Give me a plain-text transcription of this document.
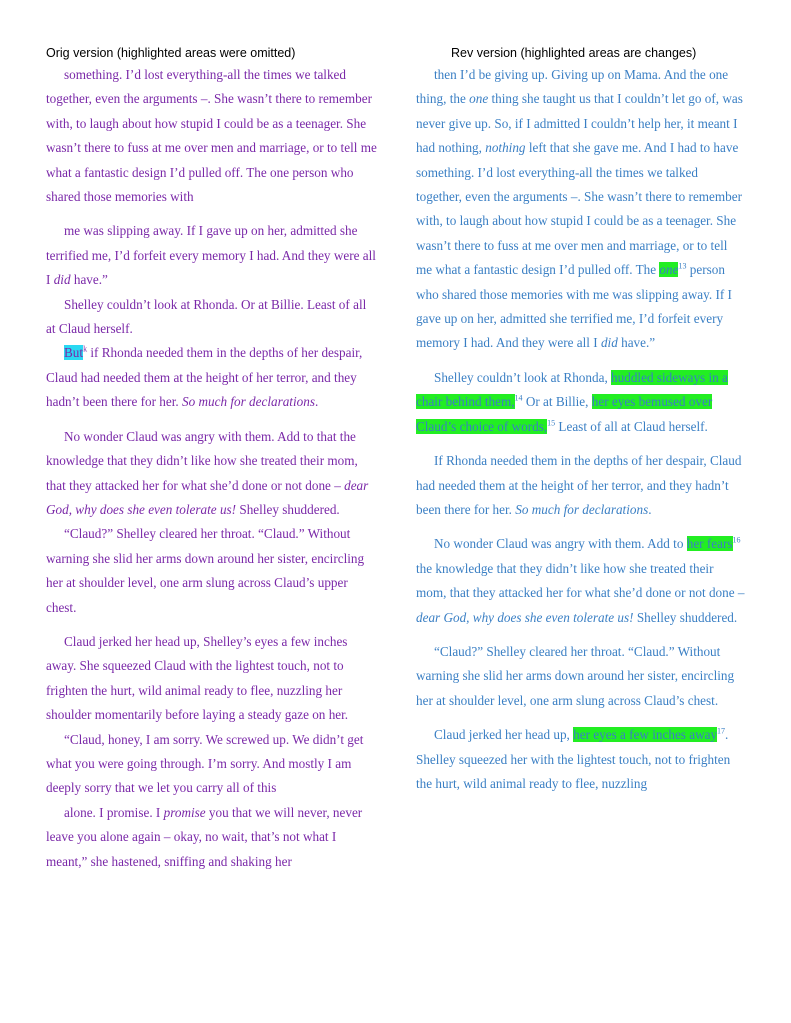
Orig version (highlighted areas were omitted)	Rev version (highlighted areas are changes)

something. I’d lost everything-all the times we talked together, even the arguments –. She wasn’t there to remember with, to laugh about how stupid I could be as a teenager. She wasn’t there to fuss at me over men and marriage, or to tell me what a fantastic design I’d pulled off. The one person who shared those memories with

me was slipping away. If I gave up on her, admitted she terrified me, I’d forfeit every memory I had. And they were all I did have.”

Shelley couldn’t look at Rhonda. Or at Billie. Least of all at Claud herself.

But$^k$ if Rhonda needed them in the depths of her despair, Claud had needed them at the height of her terror, and they hadn’t been there for her. So much for declarations.

No wonder Claud was angry with them. Add to that the knowledge that they didn’t like how she treated their mom, that they attacked her for what she’d done or not done – dear God, why does she even tolerate us! Shelley shuddered.

“Claud?” Shelley cleared her throat. “Claud.” Without warning she slid her arms down around her sister, encircling her at shoulder level, one arm slung across Claud’s upper chest.

Claud jerked her head up, Shelley’s eyes a few inches away. She squeezed Claud with the lightest touch, not to frighten the hurt, wild animal ready to flee, nuzzling her shoulder momentarily before laying a steady gaze on her.

“Claud, honey, I am sorry. We screwed up. We didn’t get what you were going through. I’m sorry. And mostly I am deeply sorry that we let you carry all of this

alone. I promise. I promise you that we will never, never leave you alone again – okay, no wait, that’s not what I meant,” she hastened, sniffing and shaking her

then I’d be giving up. Giving up on Mama. And the one thing, the one thing she taught us that I couldn’t let go of, was never give up. So, if I admitted I couldn’t help her, it meant I had nothing, nothing left that she gave me. And I had to have something. I’d lost everything-all the times we talked together, even the arguments –. She wasn’t there to remember with, to laugh about how stupid I could be as a teenager. She wasn’t there to fuss at me over men and marriage, or to tell me what a fantastic design I’d pulled off. The one$^{13}$ person who shared those memories with me was slipping away. If I gave up on her, admitted she terrified me, I’d forfeit every memory I had. And they were all I did have.”

Shelley couldn’t look at Rhonda, huddled sideways in a chair behind them,$^{14}$ Or at Billie, her eyes bemused over Claud’s choice of words,$^{15}$ Least of all at Claud herself.

If Rhonda needed them in the depths of her despair, Claud had needed them at the height of her terror, and they hadn’t been there for her. So much for declarations.

No wonder Claud was angry with them. Add to her fears$^{16}$ the knowledge that they didn’t like how she treated their mom, that they attacked her for what she’d done or not done – dear God, why does she even tolerate us! Shelley shuddered.

“Claud?” Shelley cleared her throat. “Claud.” Without warning she slid her arms down around her sister, encircling her at shoulder level, one arm slung across Claud’s chest.

Claud jerked her head up, her eyes a few inches away$^{17}$. Shelley squeezed her with the lightest touch, not to frighten the hurt, wild animal ready to flee, nuzzling
